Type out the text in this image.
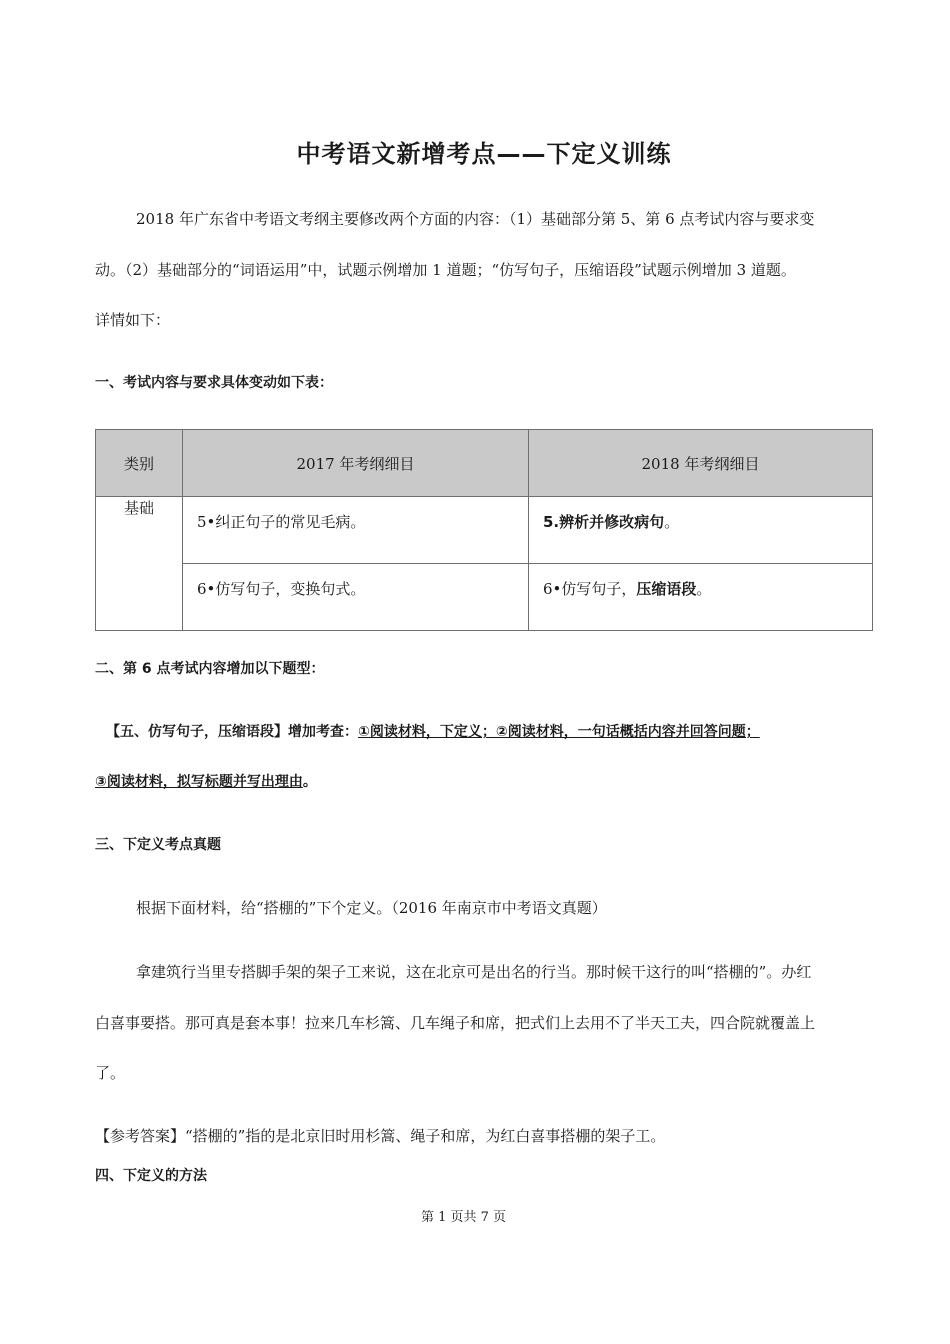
中考语文新增考点——下定义训练
2018 年广东省中考语文考纲主要修改两个方面的内容：（1）基础部分第 5、第 6 点考试内容与要求变
动。（2）基础部分的“词语运用”中，试题示例增加 1 道题；“仿写句子，压缩语段”试题示例增加 3 道题。
详情如下：
一、考试内容与要求具体变动如下表：
类别	2017 年考纲细目	2018 年考纲细目
基础	5•纠正句子的常见毛病。	5.辨析并修改病句。

	6•仿写句子，变换句式。	6•仿写句子，压缩语段。
二、第 6 点考试内容增加以下题型：
【五、仿写句子，压缩语段】增加考查：①阅读材料，下定义；②阅读材料，一句话概括内容并回答问题；
③阅读材料，拟写标题并写出理由。
三、下定义考点真题
根据下面材料，给“搭棚的”下个定义。（2016 年南京市中考语文真题）
拿建筑行当里专搭脚手架的架子工来说，这在北京可是出名的行当。那时候干这行的叫“搭棚的”。办红
白喜事要搭。那可真是套本事！拉来几车杉篙、几车绳子和席，把式们上去用不了半天工夫，四合院就覆盖上
了。
【参考答案】“搭棚的”指的是北京旧时用杉篙、绳子和席，为红白喜事搭棚的架子工。
四、下定义的方法
第 1 页共 7 页
